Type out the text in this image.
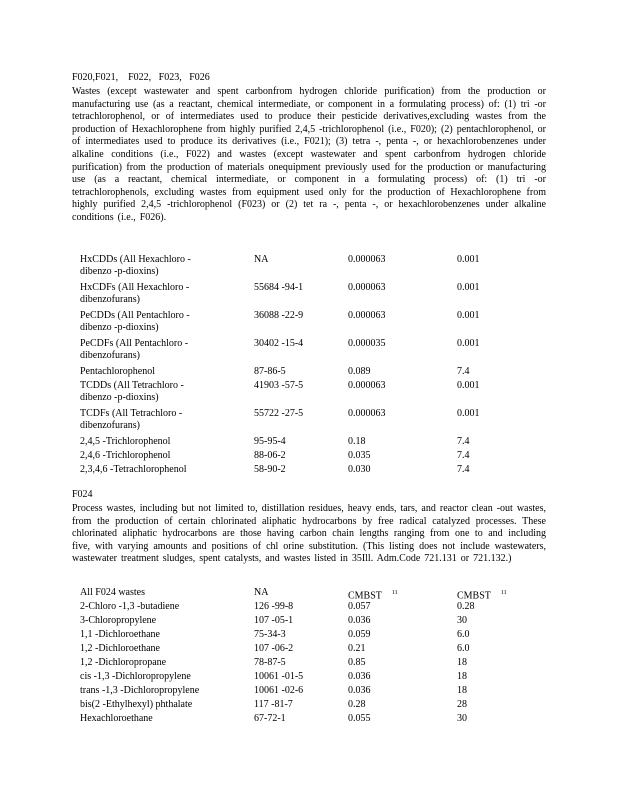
F020,F021,    F022,   F023,   F026
Wastes (except wastewater and spent carbonfrom hydrogen chloride purification) from the production or manufacturing use (as a reactant, chemical intermediate, or component in a formulating process) of: (1) tri -or tetrachlorophenol, or of intermediates used to produce their pesticide derivatives,excluding wastes from the production of Hexachlorophene from highly purified 2,4,5 -trichlorophenol (i.e., F020); (2) pentachlorophenol, or of intermediates used to produce its derivatives (i.e., F021); (3) tetra -, penta -, or hexachlorobenzenes under alkaline conditions (i.e., F022) and wastes (except wastewater and spent carbonfrom hydrogen chloride purification) from the production of materials onequipment previously used for the production or manufacturing use (as a reactant, chemical intermediate, or component in a formulating process) of: (1) tri -or tetrachlorophenols, excluding wastes from equipment used only for the production of Hexachlorophene from highly purified 2,4,5 -trichlorophenol (F023) or (2) tet ra -, penta -, or hexachlorobenzenes under alkaline conditions (i.e., F026).
HxCDDs (All Hexachloro -
dibenzo -p-dioxins)
NA	0.000063	0.001
HxCDFs (All Hexachloro -
dibenzofurans)
55684 -94-1	0.000063	0.001
PeCDDs (All Pentachloro -
dibenzo -p-dioxins)
36088 -22-9	0.000063	0.001
PeCDFs (All Pentachloro -
dibenzofurans)
30402 -15-4	0.000035	0.001
Pentachlorophenol	87-86-5	0.089	7.4
TCDDs (All Tetrachloro -
dibenzo -p-dioxins)
41903 -57-5	0.000063	0.001
TCDFs (All Tetrachloro -
dibenzofurans)
55722 -27-5	0.000063	0.001
2,4,5 -Trichlorophenol	95-95-4	0.18	7.4
2,4,6 -Trichlorophenol	88-06-2	0.035	7.4
2,3,4,6 -Tetrachlorophenol	58-90-2	0.030	7.4
F024
Process wastes, including but not limited to, distillation residues, heavy ends, tars, and reactor clean -out wastes, from the production of certain chlorinated aliphatic hydrocarbons by free radical catalyzed processes. These chlorinated aliphatic hydrocarbons are those having carbon chain lengths ranging from one to and including five, with varying amounts and positions of chl orine substitution. (This listing does not include wastewaters, wastewater treatment sludges, spent catalysts, and wastes listed in 35Ill. Adm.Code 721.131 or 721.132.)
All F024 wastes	NA	CMBST $^{11}$	CMBST $^{11}$
2-Chloro -1,3 -butadiene	126 -99-8	0.057	0.28
3-Chloropropylene	107 -05-1	0.036	30
1,1 -Dichloroethane	75-34-3	0.059	6.0
1,2 -Dichloroethane	107 -06-2	0.21	6.0
1,2 -Dichloropropane	78-87-5	0.85	18
cis -1,3 -Dichloropropylene	10061 -01-5	0.036	18
trans -1,3 -Dichloropropylene	10061 -02-6	0.036	18
bis(2 -Ethylhexyl) phthalate	117 -81-7	0.28	28
Hexachloroethane	67-72-1	0.055	30
